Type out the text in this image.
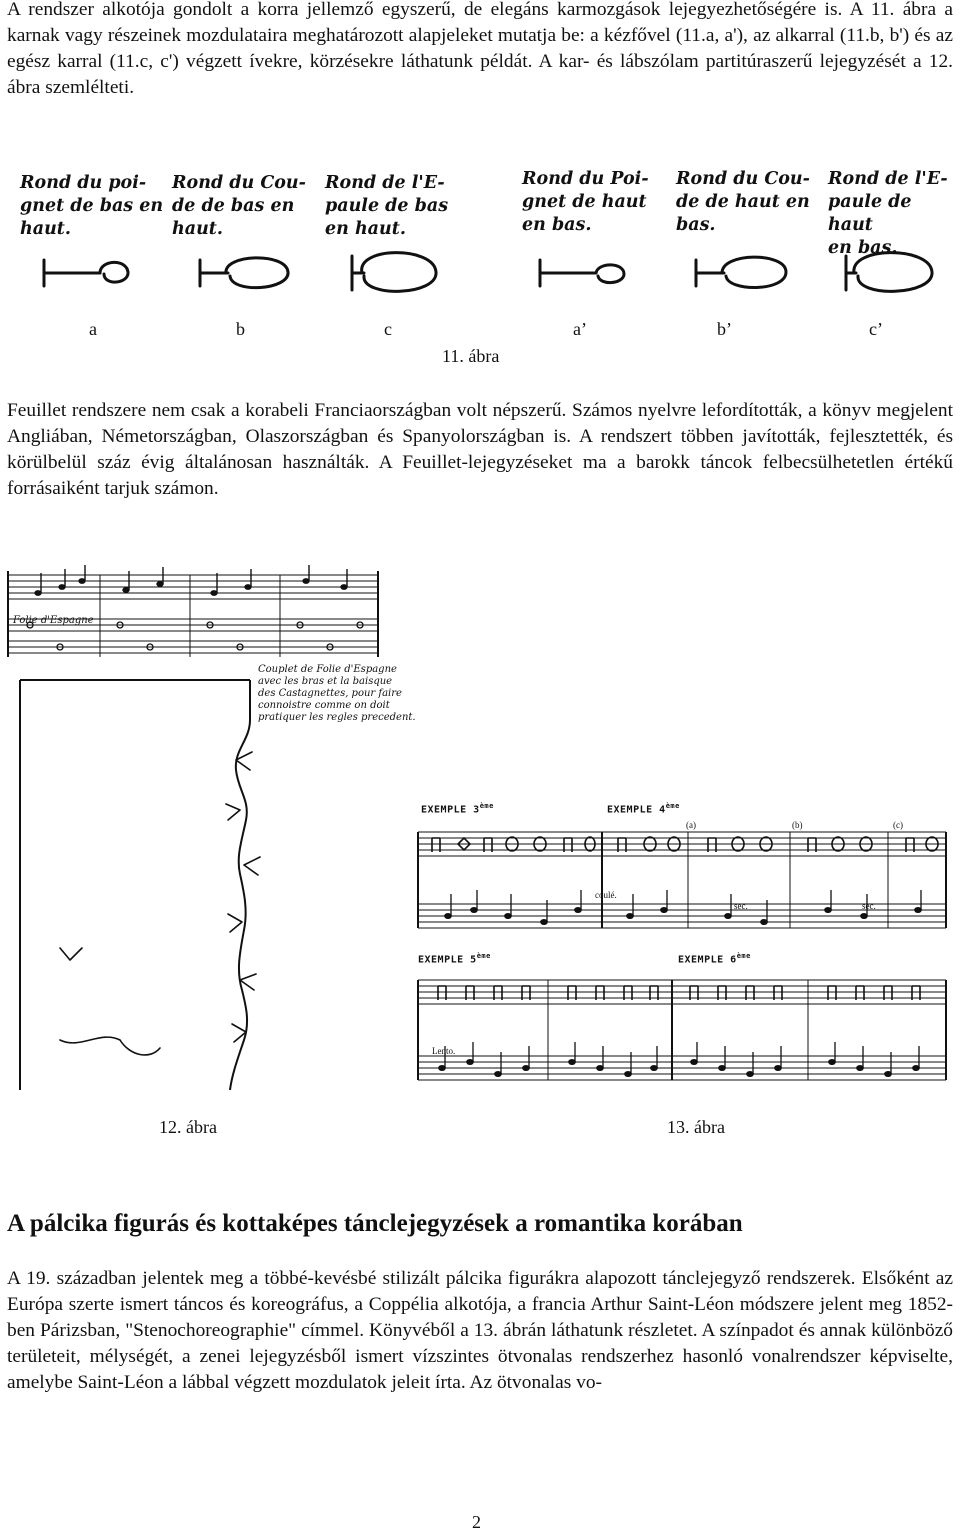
A rendszer alkotója gondolt a korra jellemző egyszerű, de elegáns karmozgások lejegyezhetőségére is. A 11. ábra a karnak vagy részeinek mozdulataira meghatározott alapjeleket mutatja be: a kézfővel (11.a, a'), az alkarral (11.b, b') és az egész karral (11.c, c') végzett ívekre, körzésekre láthatunk példát. A kar- és lábszólam partitúraszerű lejegyzését a 12. ábra szemlélteti.

Rond du poi-
gnet de bas en
haut.
Rond du Cou-
de de bas en
haut.
Rond de l'E-
paule de bas
en haut.
Rond du Poi-
gnet de haut
en bas.
Rond du Cou-
de de haut en
bas.
Rond de l'E-
paule de haut
en bas.
a	b	c	a’	b’	c’
11. ábra

Feuillet rendszere nem csak a korabeli Franciaországban volt népszerű. Számos nyelvre lefordították, a könyv megjelent Angliában, Németországban, Olaszországban és Spanyolországban is. A rendszert többen javították, fejlesztették, és körülbelül száz évig általánosan használták. A Feuillet-lejegyzéseket ma a barokk táncok felbecsülhetetlen értékű forrásaiként tarjuk számon.

Folie d'Espagne
Couplet de Folie d'Espagne
avec les bras et la baisque
des Castagnettes, pour faire
connoistre comme on doit
pratiquer les regles precedent.
EXEMPLE 3ème	EXEMPLE 4ème
(a)	(b)	(c)
coulé.
sec.	sec.
EXEMPLE 5ème	EXEMPLE 6ème
Lento.
12. ábra	13. ábra
A pálcika figurás és kottaképes tánclejegyzések a romantika korában

A 19. században jelentek meg a többé-kevésbé stilizált pálcika figurákra alapozott tánclejegyző rendszerek. Elsőként az Európa szerte ismert táncos és koreográfus, a Coppélia alkotója, a francia Arthur Saint-Léon módszere jelent meg 1852-ben Párizsban, "Stenochoreographie" címmel. Könyvéből a 13. ábrán láthatunk részletet. A színpadot és annak különböző területeit, mélységét, a zenei lejegyzésből ismert vízszintes ötvonalas rendszerhez hasonló vonalrendszer képviselte, amelybe Saint-Léon a lábbal végzett mozdulatok jeleit írta. Az ötvonalas vo-

2
